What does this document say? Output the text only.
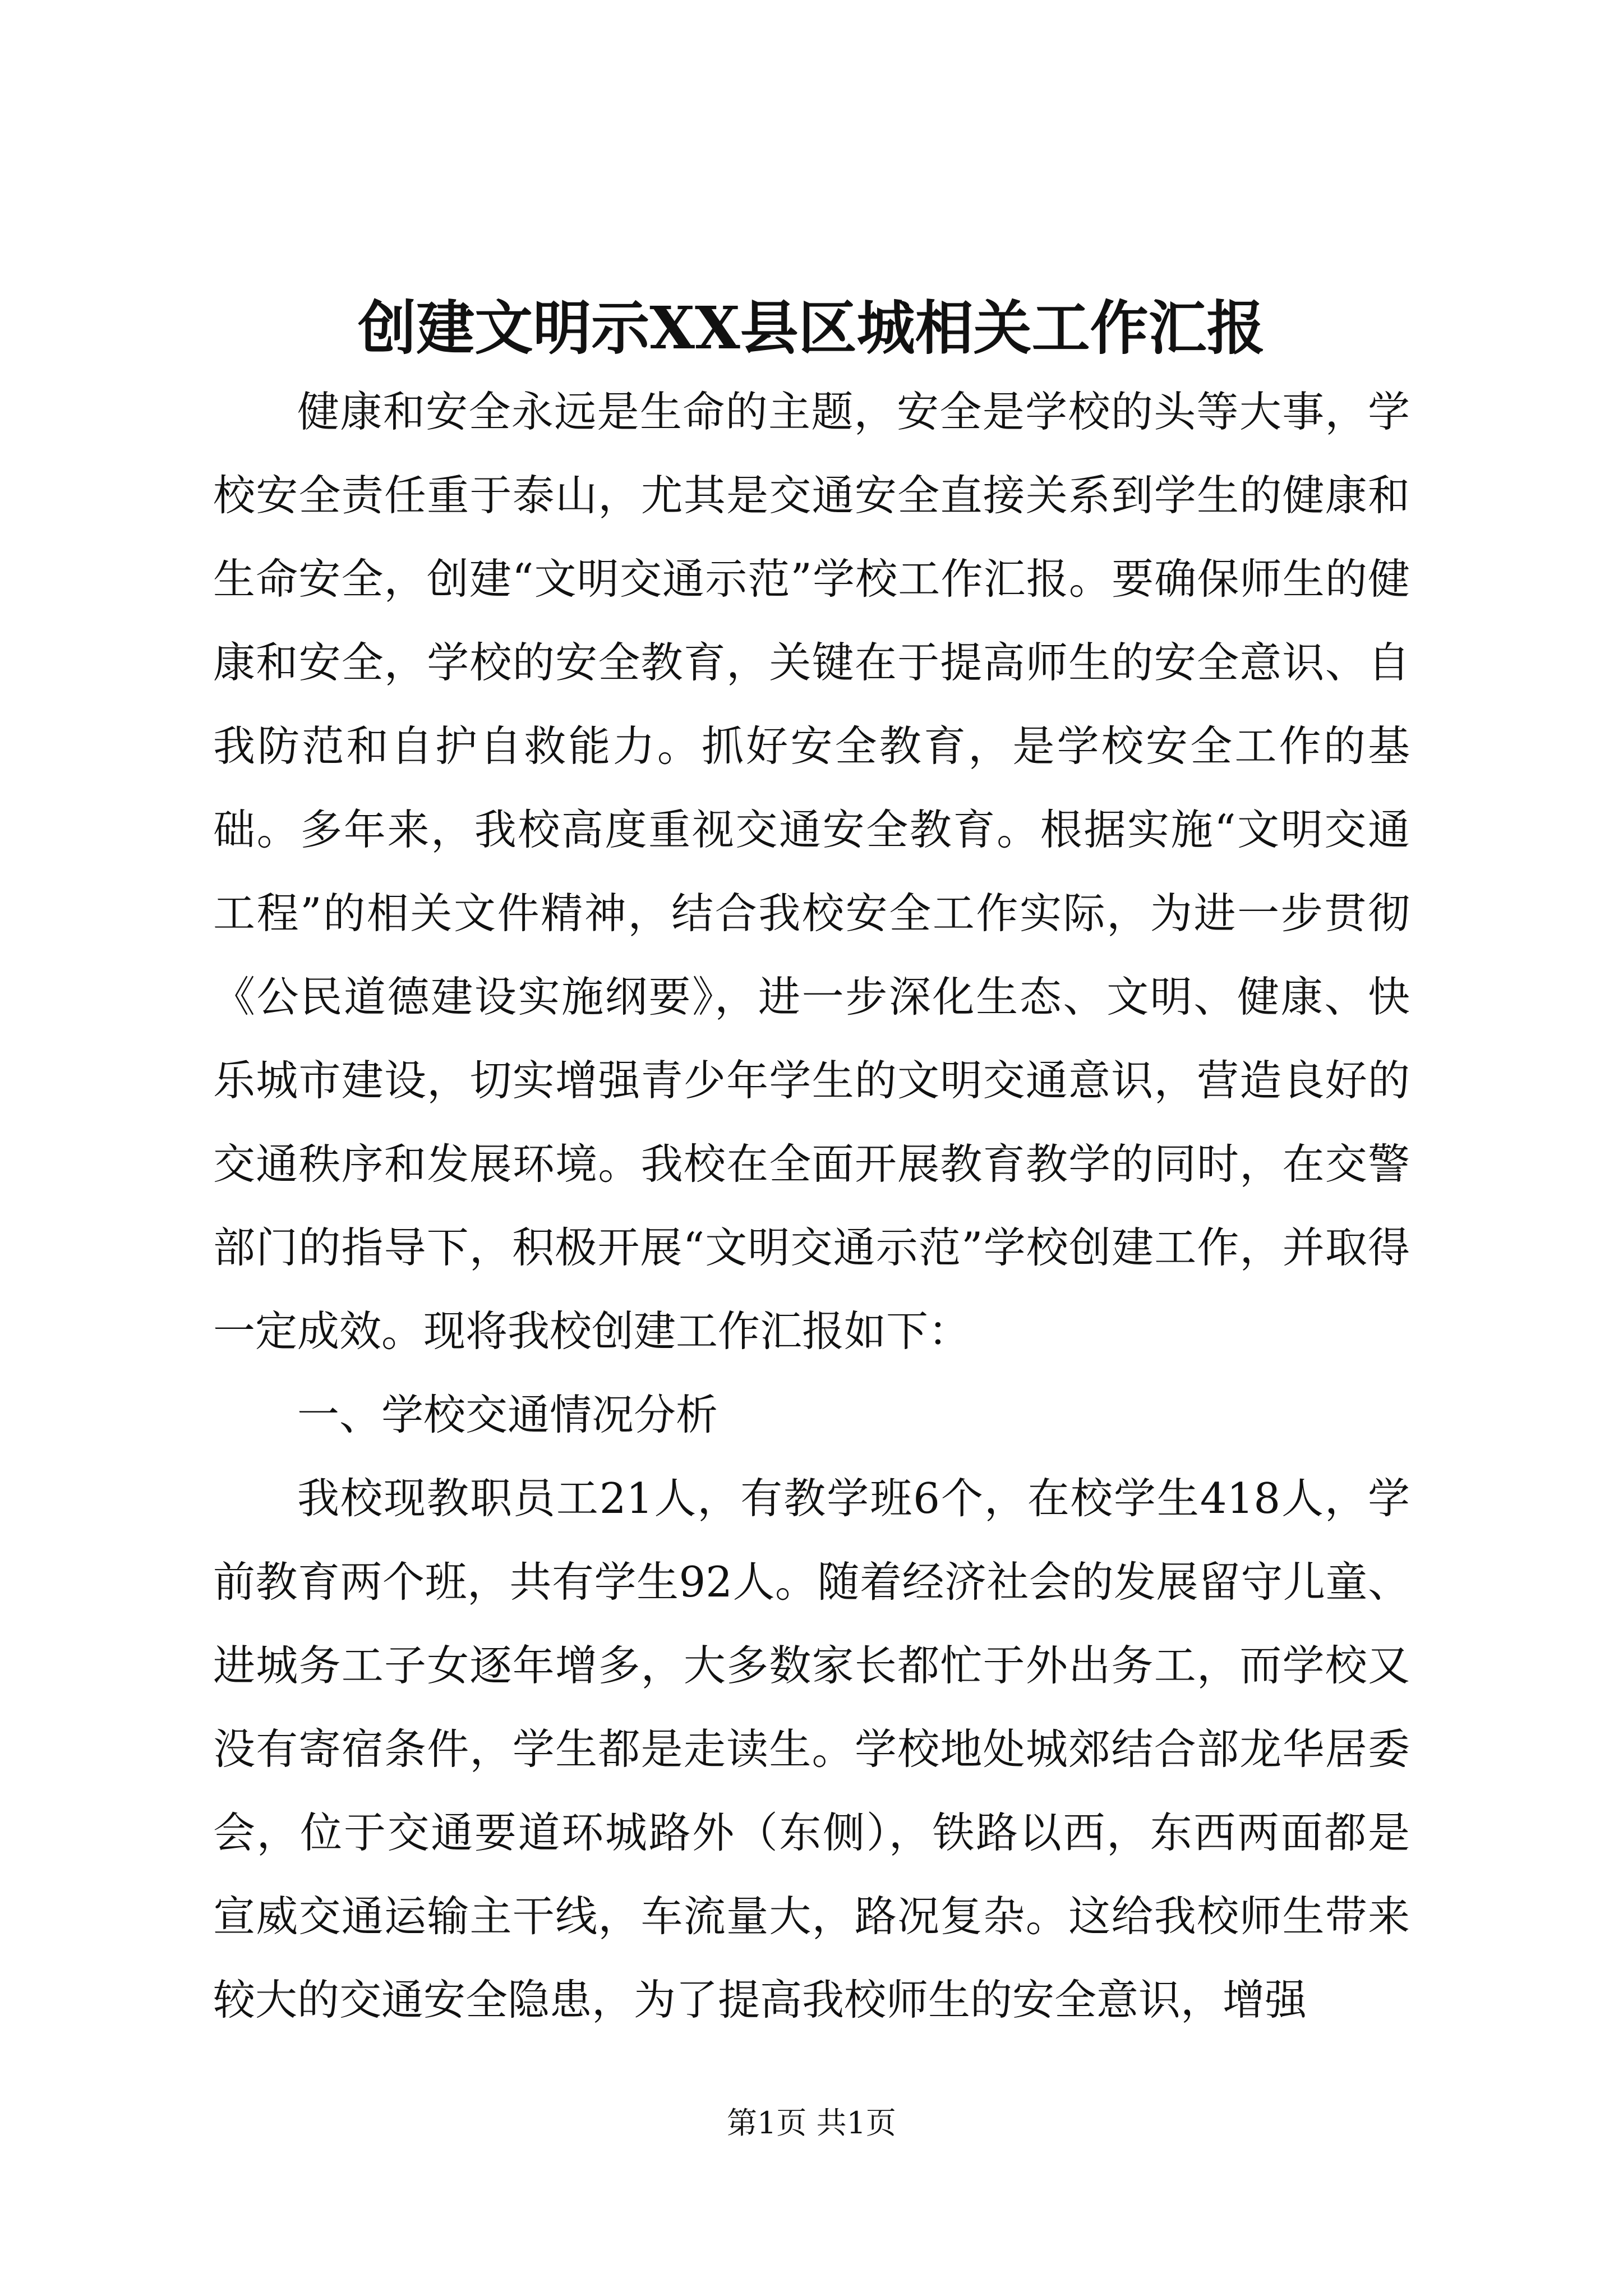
创建文明示XX县区城相关工作汇报

健康和安全永远是生命的主题，安全是学校的头等大事，学校安全责任重于泰山，尤其是交通安全直接关系到学生的健康和生命安全，创建“文明交通示范”学校工作汇报。要确保师生的健康和安全，学校的安全教育，关键在于提高师生的安全意识、自我防范和自护自救能力。抓好安全教育，是学校安全工作的基础。多年来，我校高度重视交通安全教育。根据实施“文明交通工程”的相关文件精神，结合我校安全工作实际，为进一步贯彻《公民道德建设实施纲要》，进一步深化生态、文明、健康、快乐城市建设，切实增强青少年学生的文明交通意识，营造良好的交通秩序和发展环境。我校在全面开展教育教学的同时，在交警部门的指导下，积极开展“文明交通示范”学校创建工作，并取得一定成效。现将我校创建工作汇报如下：

一、学校交通情况分析

我校现教职员工21人，有教学班6个，在校学生418人，学前教育两个班，共有学生92人。随着经济社会的发展留守儿童、进城务工子女逐年增多，大多数家长都忙于外出务工，而学校又没有寄宿条件，学生都是走读生。学校地处城郊结合部龙华居委会，位于交通要道环城路外（东侧），铁路以西，东西两面都是宣威交通运输主干线，车流量大，路况复杂。这给我校师生带来较大的交通安全隐患，为了提高我校师生的安全意识，增强

第1页 共1页
